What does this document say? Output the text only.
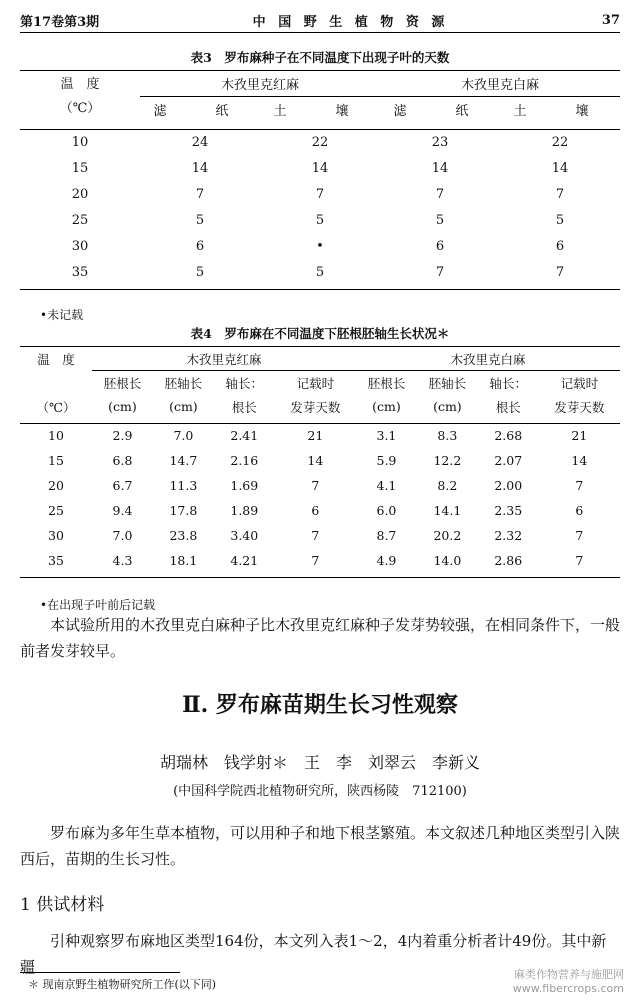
第17卷第3期	中 国 野 生 植 物 资 源	37
表3　罗布麻种子在不同温度下出现子叶的天数
温　度
（℃）	木孜里克红麻		木孜里克白麻	
	滤　纸	土　壤	滤　纸	土　壤

10	24	22	23	22
15	14	14	14	14
20	7	7	7	7
25	5	5	5	5
30	6	•	6	6
35	5	5	7	7

•未记载
表4　罗布麻在不同温度下胚根胚轴生长状况＊
温　度	木孜里克红麻				木孜里克白麻			
	胚根长	胚轴长	轴长：	记载时	胚根长	胚轴长	轴长：	记载时
（℃）	(cm)	(cm)	根长	发芽天数	(cm)	(cm)	根长	发芽天数

10	2.9	7.0	2.41	21	3.1	8.3	2.68	21
15	6.8	14.7	2.16	14	5.9	12.2	2.07	14
20	6.7	11.3	1.69	7	4.1	8.2	2.00	7
25	9.4	17.8	1.89	6	6.0	14.1	2.35	6
30	7.0	23.8	3.40	7	8.7	20.2	2.32	7
35	4.3	18.1	4.21	7	4.9	14.0	2.86	7

•在出现子叶前后记载
本试验所用的木孜里克白麻种子比木孜里克红麻种子发芽势较强，在相同条件下，一般前者发芽较早。
Ⅱ. 罗布麻苗期生长习性观察
胡瑞林　钱学射＊　王　李　刘翠云　李新义
(中国科学院西北植物研究所，陕西杨陵　712100)
罗布麻为多年生草本植物，可以用种子和地下根茎繁殖。本文叙述几种地区类型引入陕西后，苗期的生长习性。
1 供试材料
引种观察罗布麻地区类型164份，本文列入表1～2，4内着重分析者计49份。其中新疆
＊ 现南京野生植物研究所工作(以下同)
麻类作物营养与施肥网
www.fibercrops.com
